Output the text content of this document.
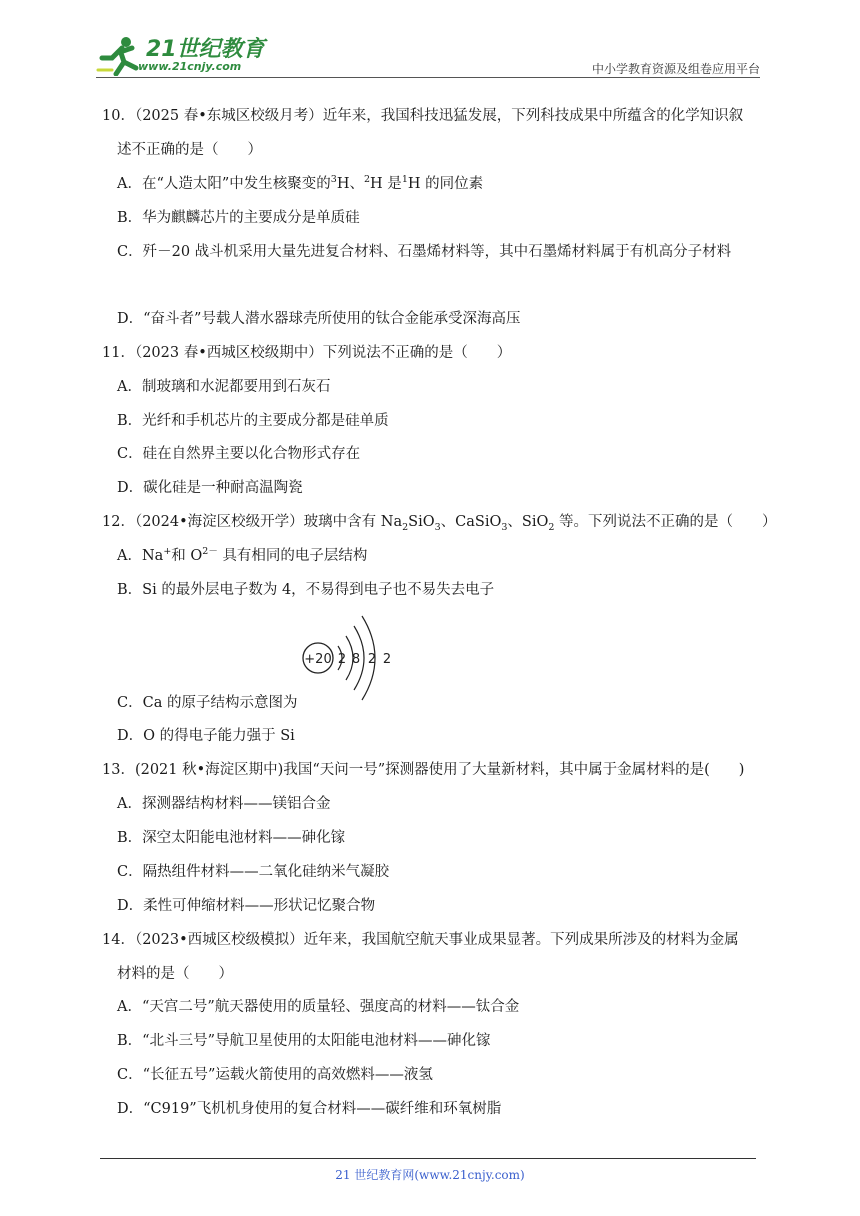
21世纪教育
www.21cnjy.com	中小学教育资源及组卷应用平台
10．（2025 春•东城区校级月考）近年来，我国科技迅猛发展，下列科技成果中所蕴含的化学知识叙
述不正确的是（　　）
A．在“人造太阳”中发生核聚变的$^3$H、$^2$H 是$^1$H 的同位素
B．华为麒麟芯片的主要成分是单质硅
C．歼－20 战斗机采用大量先进复合材料、石墨烯材料等，其中石墨烯材料属于有机高分子材料
D．“奋斗者”号载人潜水器球壳所使用的钛合金能承受深海高压
11．（2023 春•西城区校级期中）下列说法不正确的是（　　）
A．制玻璃和水泥都要用到石灰石
B．光纤和手机芯片的主要成分都是硅单质
C．硅在自然界主要以化合物形式存在
D．碳化硅是一种耐高温陶瓷
12．（2024•海淀区校级开学）玻璃中含有 $Na_2SiO_3$、CaSiO$_3$、SiO$_2$ 等。下列说法不正确的是（　　）
A．Na+和 $O^{2-}$ 具有相同的电子层结构
B．Si 的最外层电子数为 4，不易得到电子也不易失去电子
+20 2 8 2 2
C．Ca 的原子结构示意图为
D．O 的得电子能力强于 Si
13．(2021 秋•海淀区期中)我国“天问一号”探测器使用了大量新材料，其中属于金属材料的是(　　)
A．探测器结构材料——镁铝合金
B．深空太阳能电池材料——砷化镓
C．隔热组件材料——二氧化硅纳米气凝胶
D．柔性可伸缩材料——形状记忆聚合物
14．（2023•西城区校级模拟）近年来，我国航空航天事业成果显著。下列成果所涉及的材料为金属
材料的是（　　）
A．“天宫二号”航天器使用的质量轻、强度高的材料——钛合金
B．“北斗三号”导航卫星使用的太阳能电池材料——砷化镓
C．“长征五号”运载火箭使用的高效燃料——液氢
D．“C919”飞机机身使用的复合材料——碳纤维和环氧树脂
21 世纪教育网(www.21cnjy.com)
